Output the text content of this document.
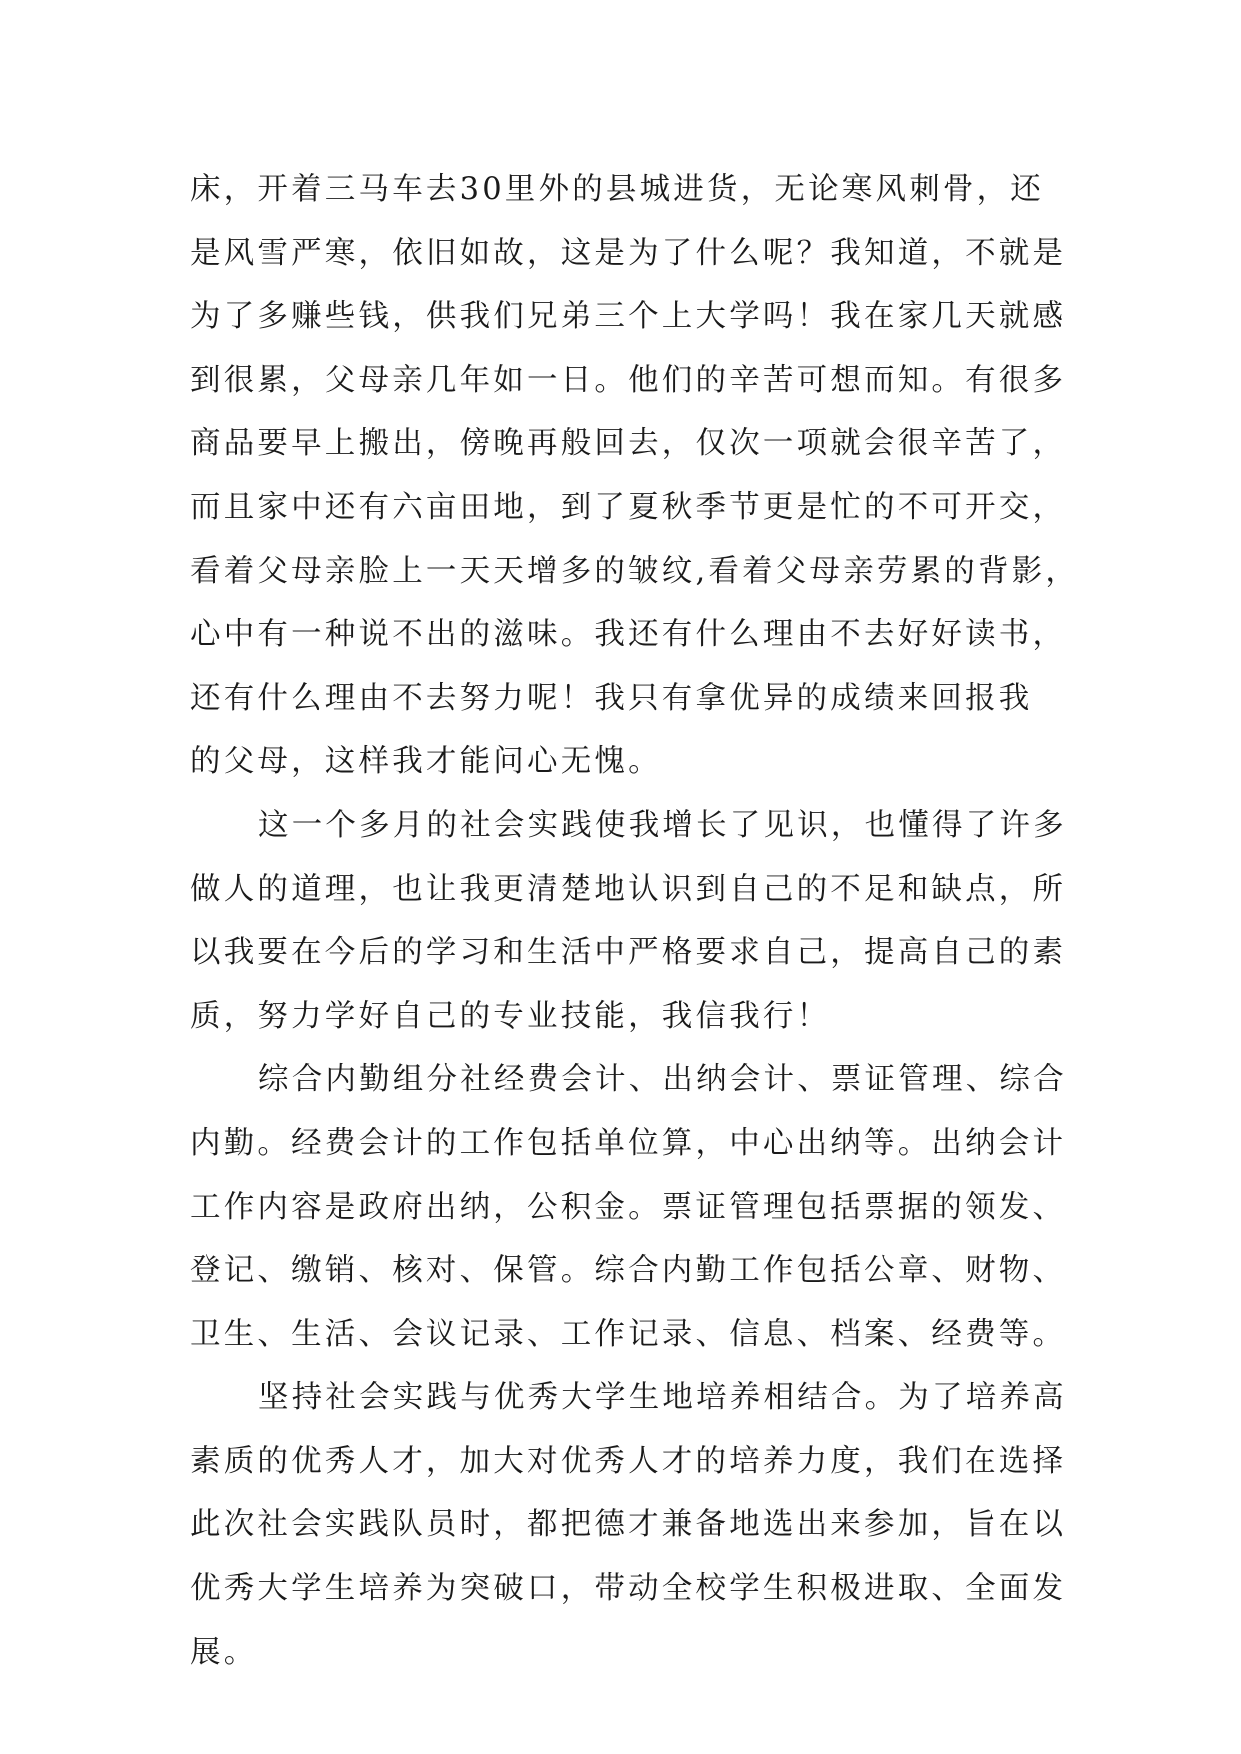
床，开着三马车去30里外的县城进货，无论寒风刺骨，还
是风雪严寒，依旧如故，这是为了什么呢？我知道，不就是
为了多赚些钱，供我们兄弟三个上大学吗！我在家几天就感
到很累，父母亲几年如一日。他们的辛苦可想而知。有很多
商品要早上搬出，傍晚再般回去，仅次一项就会很辛苦了，
而且家中还有六亩田地，到了夏秋季节更是忙的不可开交，
看着父母亲脸上一天天增多的皱纹,看着父母亲劳累的背影，
心中有一种说不出的滋味。我还有什么理由不去好好读书，
还有什么理由不去努力呢！我只有拿优异的成绩来回报我
的父母，这样我才能问心无愧。
这一个多月的社会实践使我增长了见识，也懂得了许多
做人的道理，也让我更清楚地认识到自己的不足和缺点，所
以我要在今后的学习和生活中严格要求自己，提高自己的素
质，努力学好自己的专业技能，我信我行！
综合内勤组分社经费会计、出纳会计、票证管理、综合
内勤。经费会计的工作包括单位算，中心出纳等。出纳会计
工作内容是政府出纳，公积金。票证管理包括票据的领发、
登记、缴销、核对、保管。综合内勤工作包括公章、财物、
卫生、生活、会议记录、工作记录、信息、档案、经费等。
坚持社会实践与优秀大学生地培养相结合。为了培养高
素质的优秀人才，加大对优秀人才的培养力度，我们在选择
此次社会实践队员时，都把德才兼备地选出来参加，旨在以
优秀大学生培养为突破口，带动全校学生积极进取、全面发
展。
